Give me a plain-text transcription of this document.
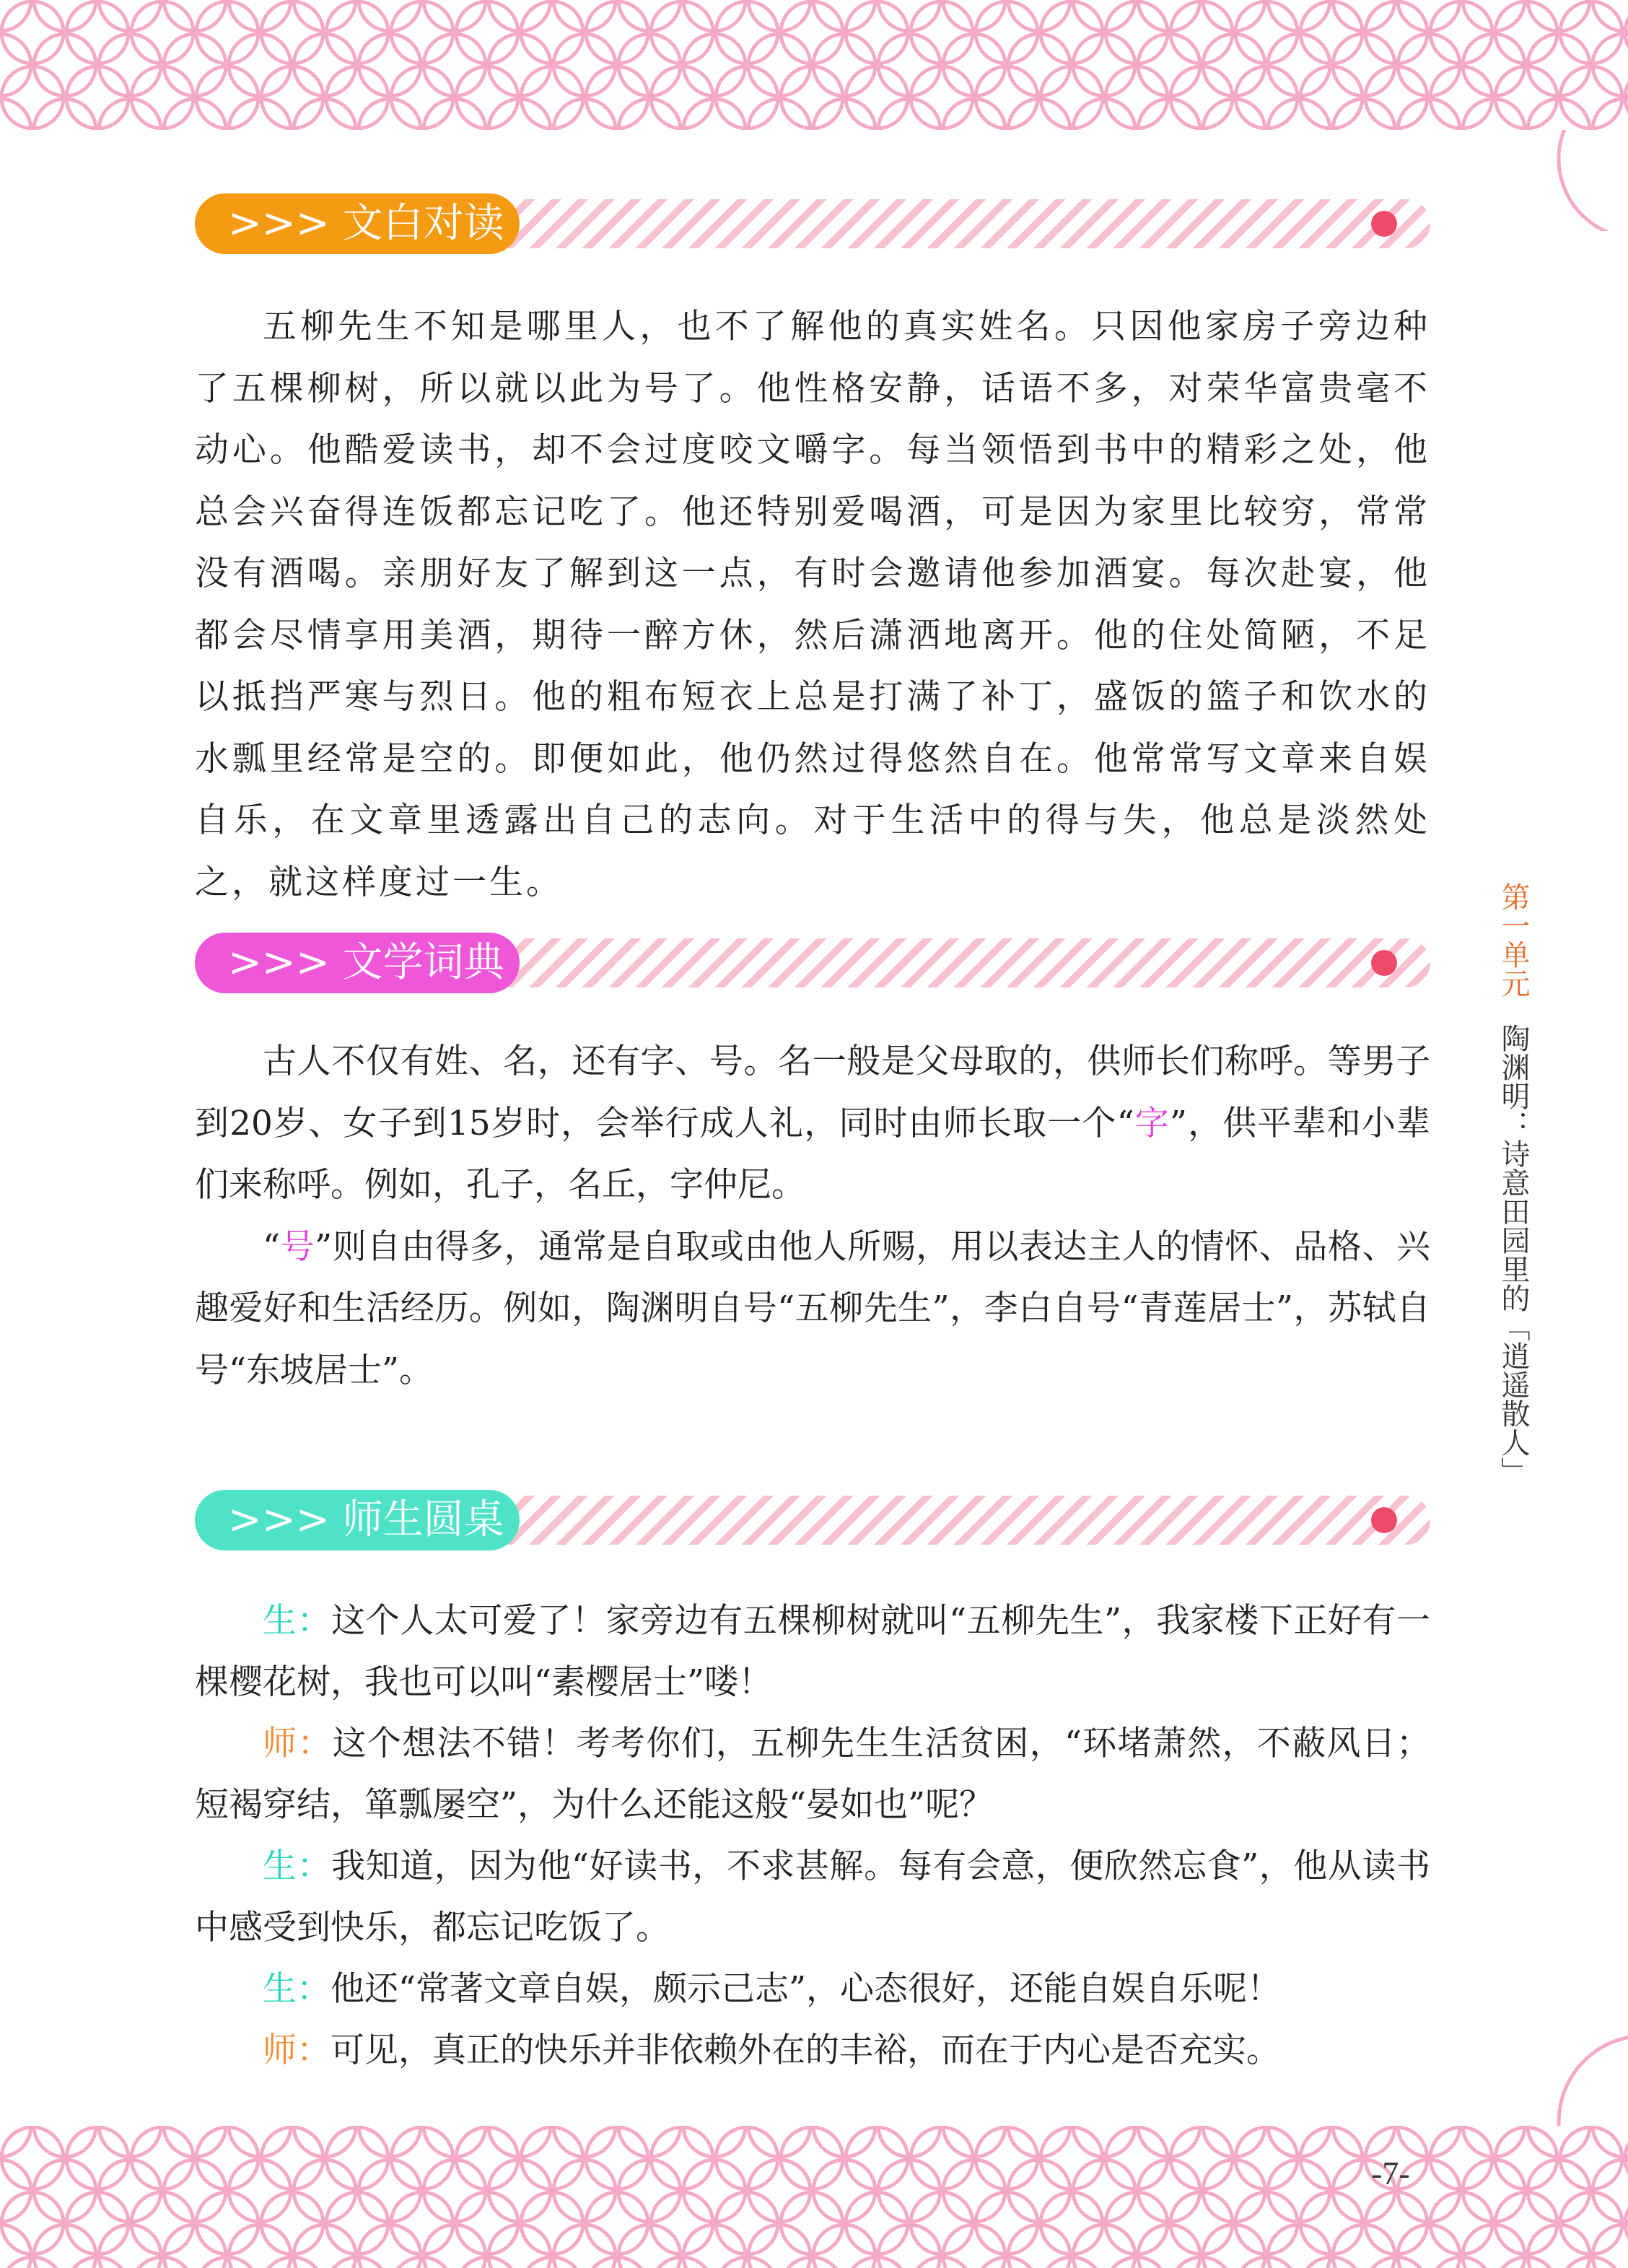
>>> 文白对读

五柳先生不知是哪里人，也不了解他的真实姓名。只因他家房子旁边种了五棵柳树，所以就以此为号了。他性格安静，话语不多，对荣华富贵毫不动心。他酷爱读书，却不会过度咬文嚼字。每当领悟到书中的精彩之处，他总会兴奋得连饭都忘记吃了。他还特别爱喝酒，可是因为家里比较穷，常常没有酒喝。亲朋好友了解到这一点，有时会邀请他参加酒宴。每次赴宴，他都会尽情享用美酒，期待一醉方休，然后潇洒地离开。他的住处简陋，不足以抵挡严寒与烈日。他的粗布短衣上总是打满了补丁，盛饭的篮子和饮水的水瓢里经常是空的。即便如此，他仍然过得悠然自在。他常常写文章来自娱自乐，在文章里透露出自己的志向。对于生活中的得与失，他总是淡然处之，就这样度过一生。

>>> 文学词典

古人不仅有姓、名，还有字、号。名一般是父母取的，供师长们称呼。等男子到20岁、女子到15岁时，会举行成人礼，同时由师长取一个“字”，供平辈和小辈们来称呼。例如，孔子，名丘，字仲尼。

“号”则自由得多，通常是自取或由他人所赐，用以表达主人的情怀、品格、兴趣爱好和生活经历。例如，陶渊明自号“五柳先生”，李白自号“青莲居士”，苏轼自号“东坡居士”。

>>> 师生圆桌

生：这个人太可爱了！家旁边有五棵柳树就叫“五柳先生”，我家楼下正好有一棵樱花树，我也可以叫“素樱居士”喽！

师：这个想法不错！考考你们，五柳先生生活贫困，“环堵萧然，不蔽风日；短褐穿结，箪瓢屡空”，为什么还能这般“晏如也”呢？

生：我知道，因为他“好读书，不求甚解。每有会意，便欣然忘食”，他从读书中感受到快乐，都忘记吃饭了。

生：他还“常著文章自娱，颇示己志”，心态很好，还能自娱自乐呢！

师：可见，真正的快乐并非依赖外在的丰裕，而在于内心是否充实。

第一单元陶渊明：诗意田园里的「逍遥散人」
-7-
